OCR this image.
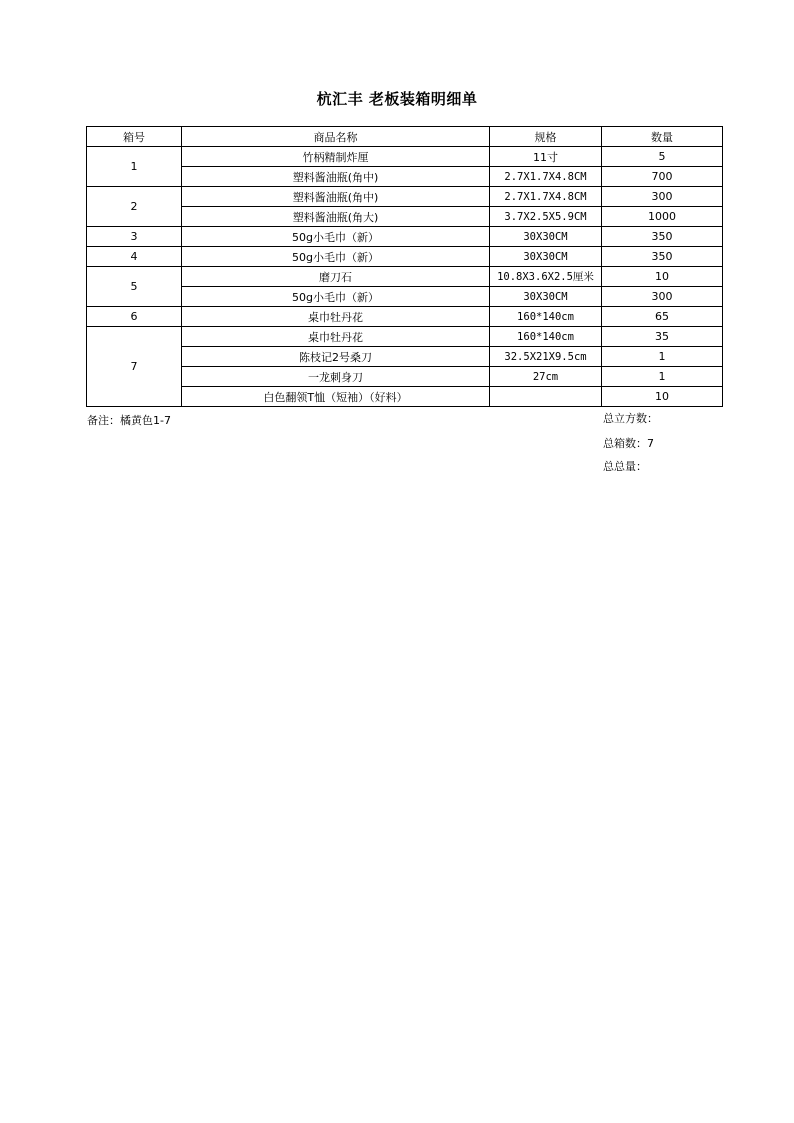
杭汇丰 老板装箱明细单
箱号	商品名称	规格	数量
1	竹柄精制炸厘	11寸	5
	塑料酱油瓶(角中)	2.7X1.7X4.8CM	700
2	塑料酱油瓶(角中)	2.7X1.7X4.8CM	300
	塑料酱油瓶(角大)	3.7X2.5X5.9CM	1000
3	50g小毛巾（新）	30X30CM	350
4	50g小毛巾（新）	30X30CM	350
5	磨刀石	10.8X3.6X2.5厘米	10
	50g小毛巾（新）	30X30CM	300
6	桌巾牡丹花	160*140cm	65
7	桌巾牡丹花	160*140cm	35
	陈枝记2号桑刀	32.5X21X9.5cm	1
	一龙刺身刀	27cm	1
	白色翻领T恤（短袖）（好料）		10
备注：橘黄色1-7	总立方数：
总箱数：7
总总量：
